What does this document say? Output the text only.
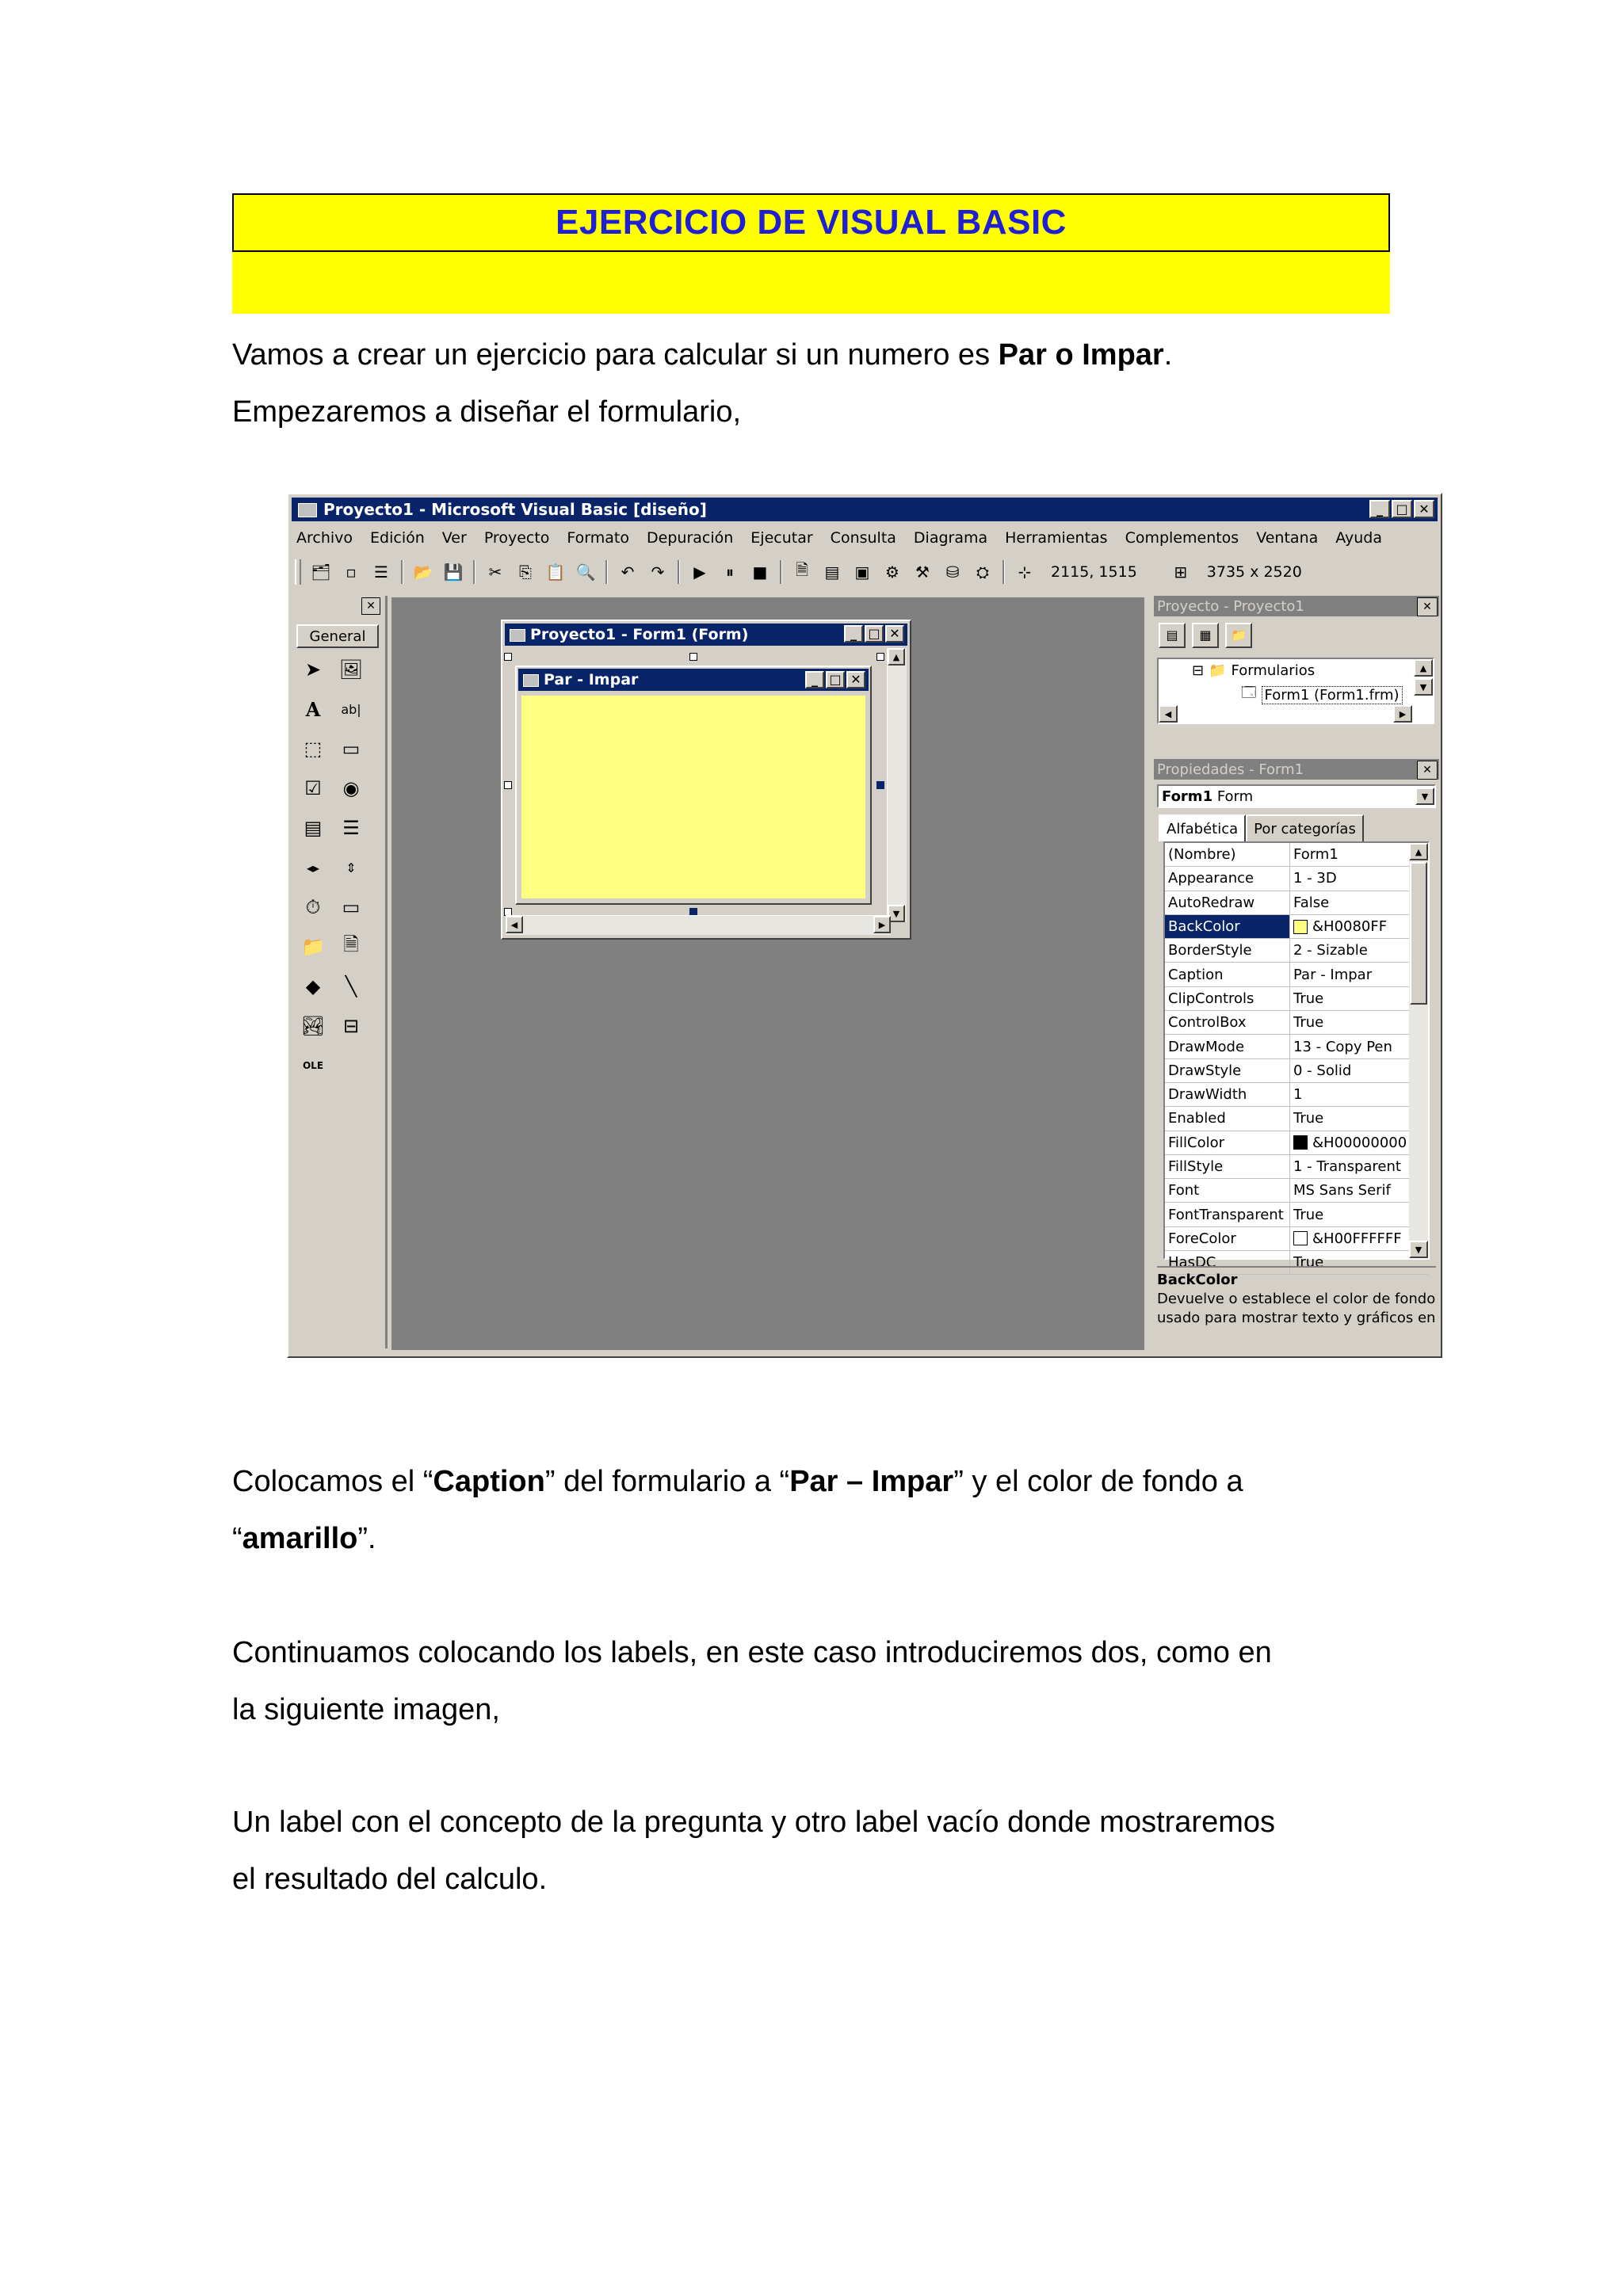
EJERCICIO DE VISUAL BASIC
Vamos a crear un ejercicio para calcular si un numero es Par o Impar.
Empezaremos a diseñar el formulario,
Proyecto1 - Microsoft Visual Basic [diseño]	_	□ ✕
Archivo Edición Ver Proyecto Formato Depuración Ejecutar Consulta Diagrama Herramientas Complementos Ventana Ayuda
🗂 ▫	☰ 📂 💾 ✂ ⎘ 📋 🔍 ↶ ↷ ▶	⏸	■ 🗎 ▤ ▣ ⚙ ⚒ ⛁ ⛭ ⊹ 2115, 1515 ⊞ 3735 x 2520
✕
General
➤ 🖼
A	ab|
⬚ ▭
☑ ◉
▤ ☰
◂▸	⇕
⏱	▭
📁 🗎
◆	╲
🏞 ⊟
OLE
Proyecto1 - Form1 (Form)	_ □ ✕
Par - Impar	_ □ ✕
▲
▼
◀	▶
Proyecto - Proyecto1	✕
▤	▦	📁
⊟ 📁 Formularios
🗔 Form1 (Form1.frm)
◀	▶
▲
▼
Propiedades - Form1	✕
Form1
Form	▼
Alfabética	Por categorías
(Nombre)	Form1
Appearance	1 - 3D
AutoRedraw	False
BackColor	&H0080FF
BorderStyle	2 - Sizable
Caption	Par - Impar
ClipControls	True
ControlBox	True
DrawMode	13 - Copy Pen
DrawStyle	0 - Solid
DrawWidth	1
Enabled	True
FillColor	&H00000000
FillStyle	1 - Transparent
Font	MS Sans Serif
FontTransparent True
ForeColor	&H00FFFFFF
HasDC	True
▲
▼
BackColor
Devuelve o establece el color de fondo usado para mostrar texto y gráficos en
Colocamos el “Caption” del formulario a “Par – Impar” y el color de fondo a
“amarillo”.
Continuamos colocando los labels, en este caso introduciremos dos, como en
la siguiente imagen,
Un label con el concepto de la pregunta y otro label vacío donde mostraremos
el resultado del calculo.
